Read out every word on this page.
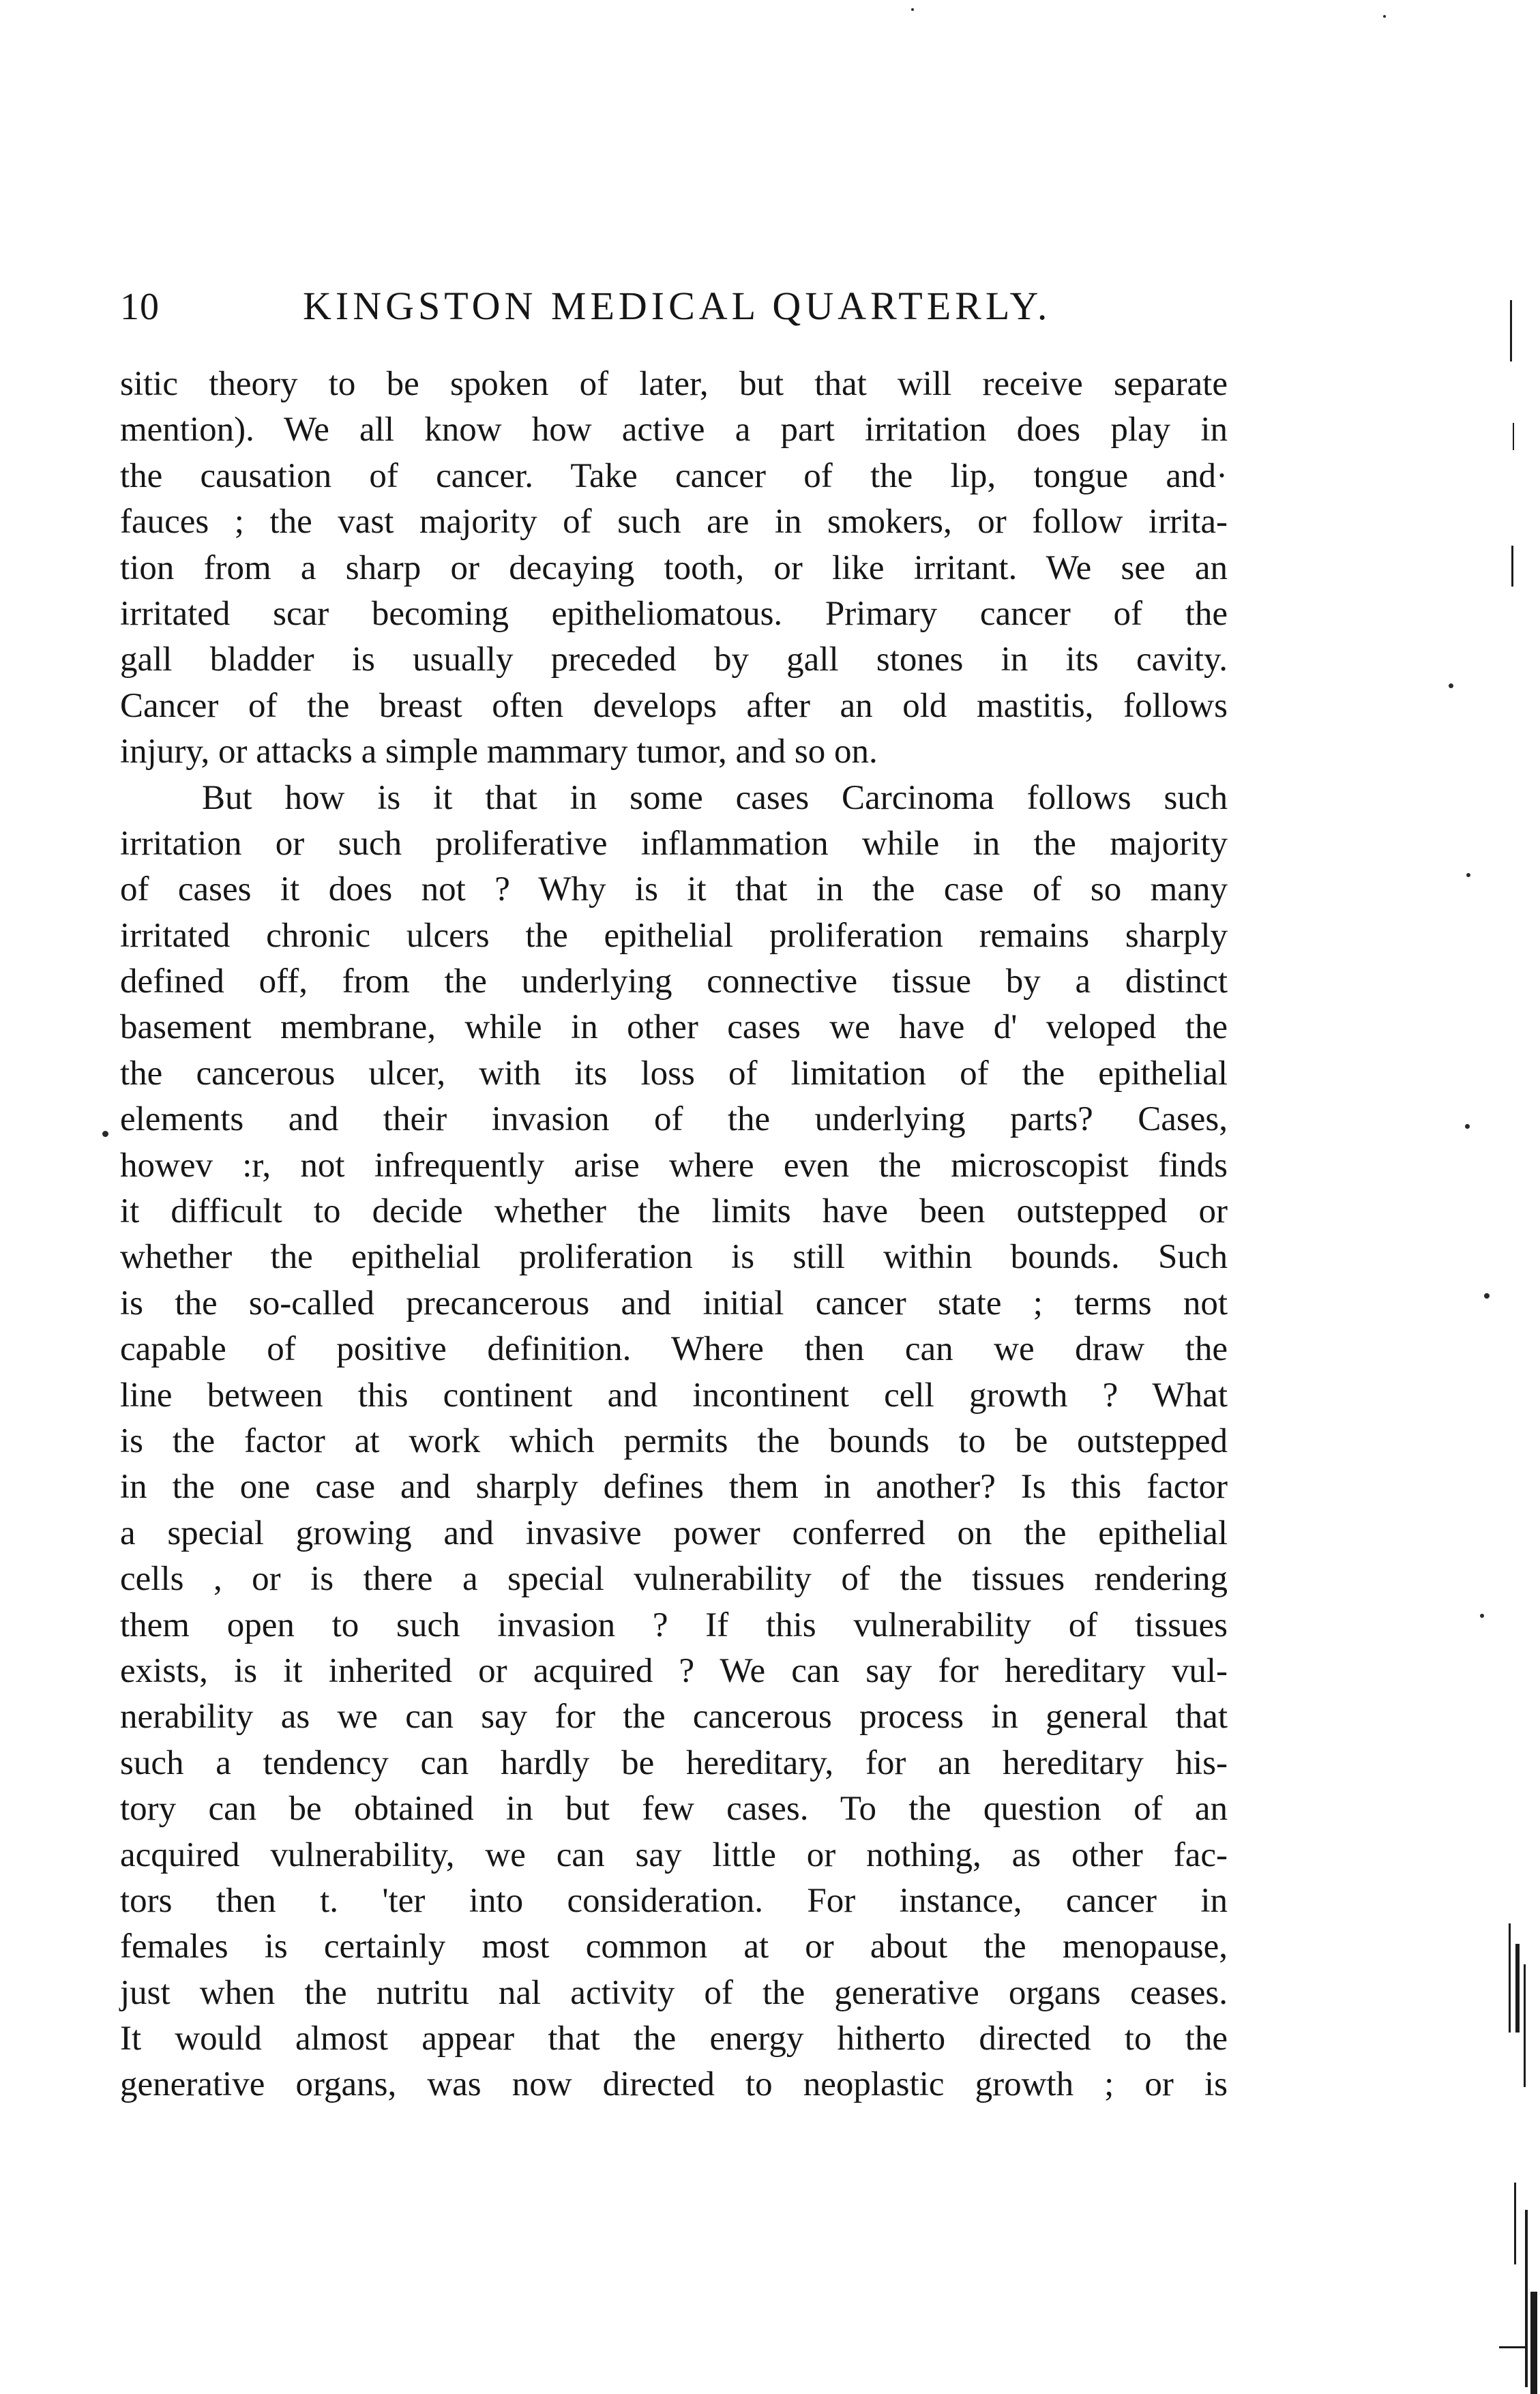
10	KINGSTON MEDICAL QUARTERLY.
sitic theory to be spoken of later, but that will receive separate
mention). We all know how active a part irritation does play in
the causation of cancer. Take cancer of the lip, tongue and·
fauces ; the vast majority of such are in smokers, or follow irrita-
tion from a sharp or decaying tooth, or like irritant. We see an
irritated scar becoming epitheliomatous. Primary cancer of the
gall bladder is usually preceded by gall stones in its cavity.
Cancer of the breast often develops after an old mastitis, follows
injury, or attacks a simple mammary tumor, and so on.
But how is it that in some cases Carcinoma follows such
irritation or such proliferative inflammation while in the majority
of cases it does not ? Why is it that in the case of so many
irritated chronic ulcers the epithelial proliferation remains sharply
defined off, from the underlying connective tissue by a distinct
basement membrane, while in other cases we have d' veloped the
the cancerous ulcer, with its loss of limitation of the epithelial
elements and their invasion of the underlying parts? Cases,
howev :r, not infrequently arise where even the microscopist finds
it difficult to decide whether the limits have been outstepped or
whether the epithelial proliferation is still within bounds. Such
is the so-called precancerous and initial cancer state ; terms not
capable of positive definition. Where then can we draw the
line between this continent and incontinent cell growth ? What
is the factor at work which permits the bounds to be outstepped
in the one case and sharply defines them in another? Is this factor
a special growing and invasive power conferred on the epithelial
cells , or is there a special vulnerability of the tissues rendering
them open to such invasion ? If this vulnerability of tissues
exists, is it inherited or acquired ? We can say for hereditary vul-
nerability as we can say for the cancerous process in general that
such a tendency can hardly be hereditary, for an hereditary his-
tory can be obtained in but few cases. To the question of an
acquired vulnerability, we can say little or nothing, as other fac-
tors then t. 'ter into consideration. For instance, cancer in
females is certainly most common at or about the menopause,
just when the nutritu nal activity of the generative organs ceases.
It would almost appear that the energy hitherto directed to the
generative organs, was now directed to neoplastic growth ; or is
